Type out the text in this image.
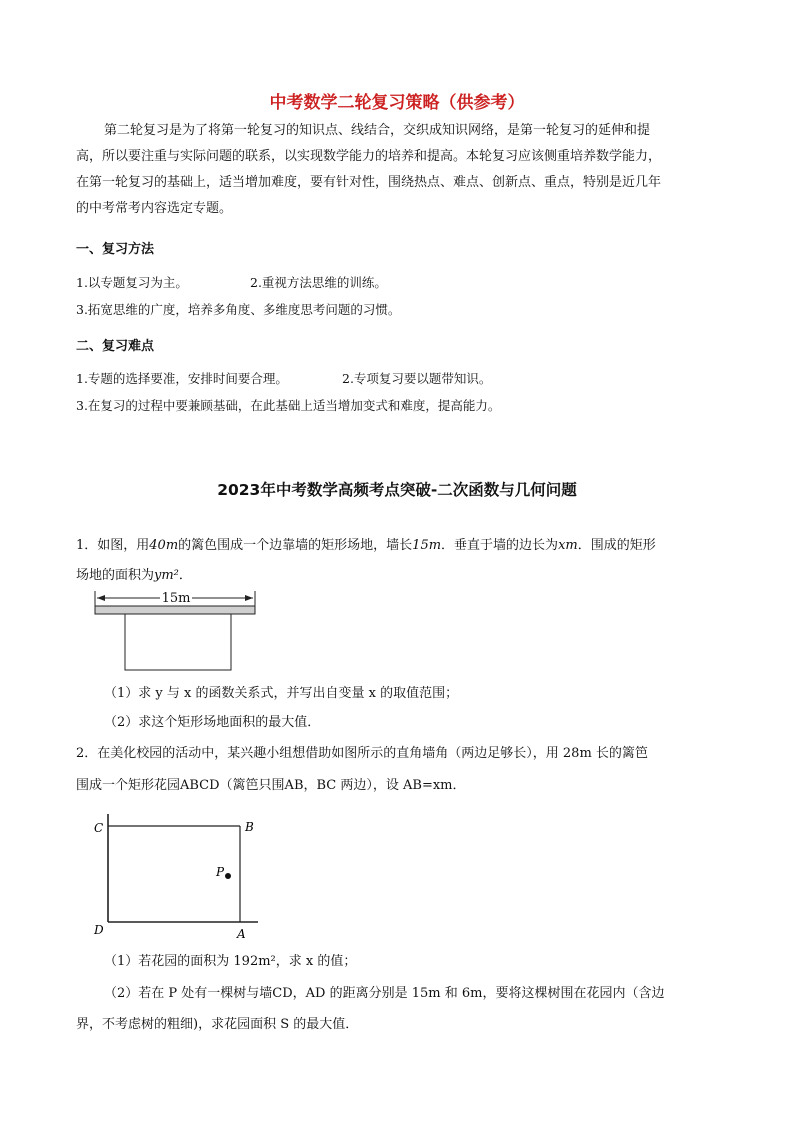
中考数学二轮复习策略（供参考）
第二轮复习是为了将第一轮复习的知识点、线结合，交织成知识网络，是第一轮复习的延伸和提
高，所以要注重与实际问题的联系，以实现数学能力的培养和提高。本轮复习应该侧重培养数学能力，
在第一轮复习的基础上，适当增加难度，要有针对性，围绕热点、难点、创新点、重点，特别是近几年
的中考常考内容选定专题。
一、复习方法
1.以专题复习为主。	2.重视方法思维的训练。
3.拓宽思维的广度，培养多角度、多维度思考问题的习惯。
二、复习难点
1.专题的选择要准，安排时间要合理。	2.专项复习要以题带知识。
3.在复习的过程中要兼顾基础，在此基础上适当增加变式和难度，提高能力。
2023年中考数学高频考点突破-二次函数与几何问题
1．如图，用40m的篱色围成一个边靠墙的矩形场地，墙长15m．垂直于墙的边长为xm．围成的矩形
场地的面积为ym²．
15m
（1）求 y 与 x 的函数关系式，并写出自变量 x 的取值范围；
（2）求这个矩形场地面积的最大值．
2．在美化校园的活动中，某兴趣小组想借助如图所示的直角墙角（两边足够长），用 28m 长的篱笆
围成一个矩形花园ABCD（篱笆只围AB，BC 两边），设 AB=xm．
C	B
D	A
P
（1）若花园的面积为 192m²，求 x 的值；
（2）若在 P 处有一棵树与墙CD，AD 的距离分别是 15m 和 6m，要将这棵树围在花园内（含边
界，不考虑树的粗细)，求花园面积 S 的最大值．
